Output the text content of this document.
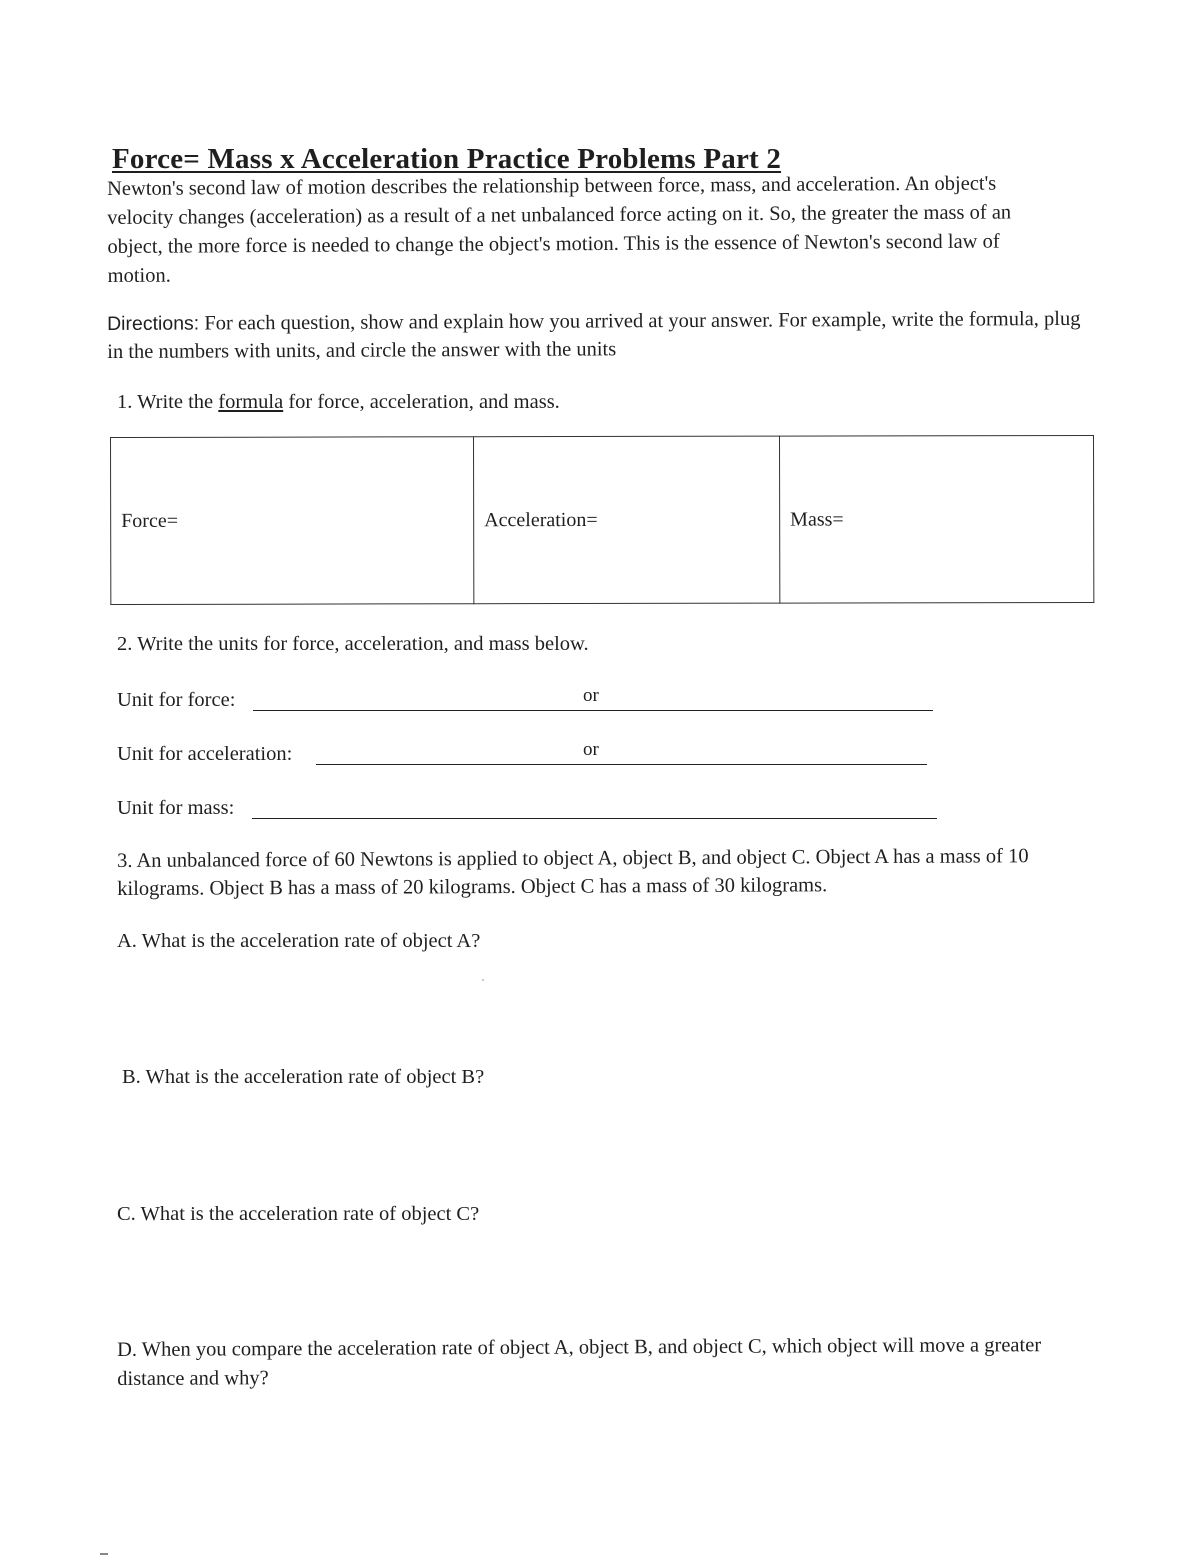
Force= Mass x Acceleration Practice Problems Part 2

Newton's second law of motion describes the relationship between force, mass, and acceleration. An object's velocity changes (acceleration) as a result of a net unbalanced force acting on it. So, the greater the mass of an object, the more force is needed to change the object's motion. This is the essence of Newton's second law of motion.

Directions: For each question, show and explain how you arrived at your answer. For example, write the formula, plug in the numbers with units, and circle the answer with the units

1. Write the formula for force, acceleration, and mass.

Force=	Acceleration=	Mass=

2. Write the units for force, acceleration, and mass below.

Unit for force:	or
Unit for acceleration:	or
Unit for mass:

3. An unbalanced force of 60 Newtons is applied to object A, object B, and object C. Object A has a mass of 10 kilograms. Object B has a mass of 20 kilograms. Object C has a mass of 30 kilograms.

A. What is the acceleration rate of object A?

B. What is the acceleration rate of object B?

C. What is the acceleration rate of object C?

D. When you compare the acceleration rate of object A, object B, and object C, which object will move a greater distance and why?
